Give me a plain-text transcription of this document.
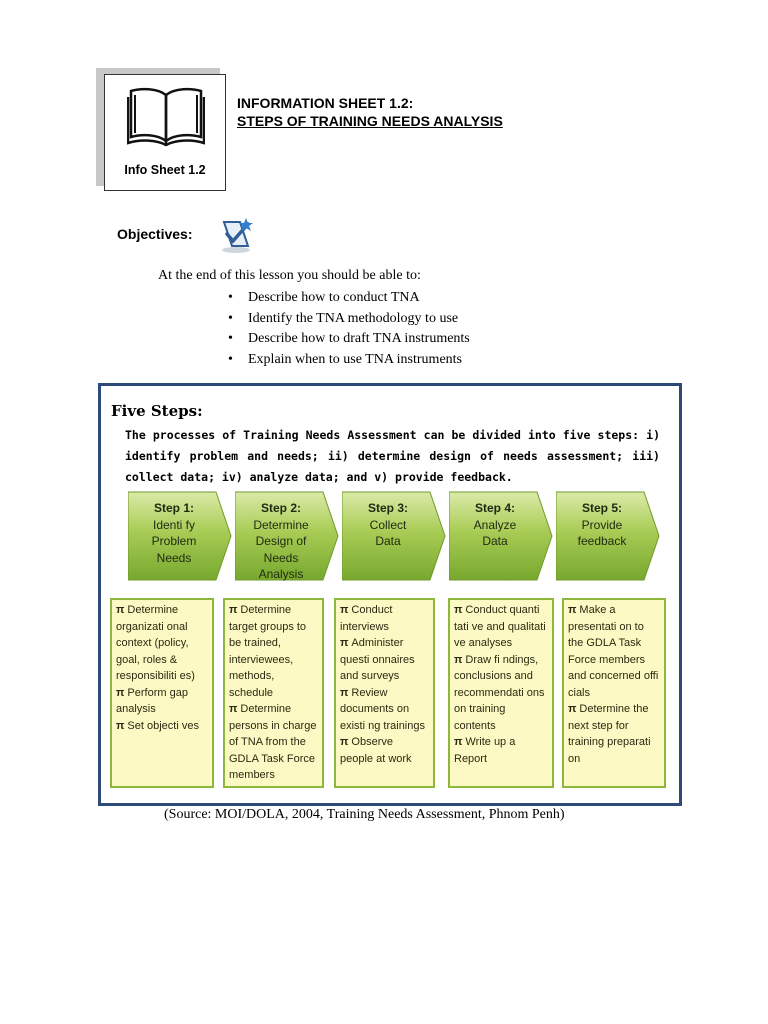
Info Sheet 1.2
INFORMATION SHEET 1.2:
STEPS OF TRAINING NEEDS ANALYSIS
Objectives:
At the end of this lesson you should be able to:
• Describe how to conduct TNA
• Identify the TNA methodology to use
• Describe how to draft TNA instruments
• Explain when to use TNA instruments
Five Steps:
The processes of Training Needs Assessment can be divided into five steps: i) identify problem and needs; ii) determine design of needs assessment; iii) collect data; iv) analyze data; and v) provide feedback.
Step 1:
Identi fy
Problem
Needs
Step 2:
Determine
Design of
Needs
Analysis
Step 3:
Collect
Data
Step 4:
Analyze
Data
Step 5:
Provide
feedback

π Determine organizati onal context (policy, goal, roles & responsibiliti es)

π Perform gap analysis

π Set objecti ves

π Determine target groups to be trained, interviewees, methods, schedule

π Determine persons in charge of TNA from the GDLA Task Force members

π Conduct interviews

π Administer questi onnaires and surveys

π Review documents on existi ng trainings

π Observe people at work

π Conduct quanti tati ve and qualitati ve analyses

π Draw fi ndings, conclusions and recommendati ons on training contents

π Write up a Report

π Make a presentati on to the GDLA Task Force members and concerned offi cials

π Determine the next step for training preparati on

(Source: MOI/DOLA, 2004, Training Needs Assessment, Phnom Penh)
